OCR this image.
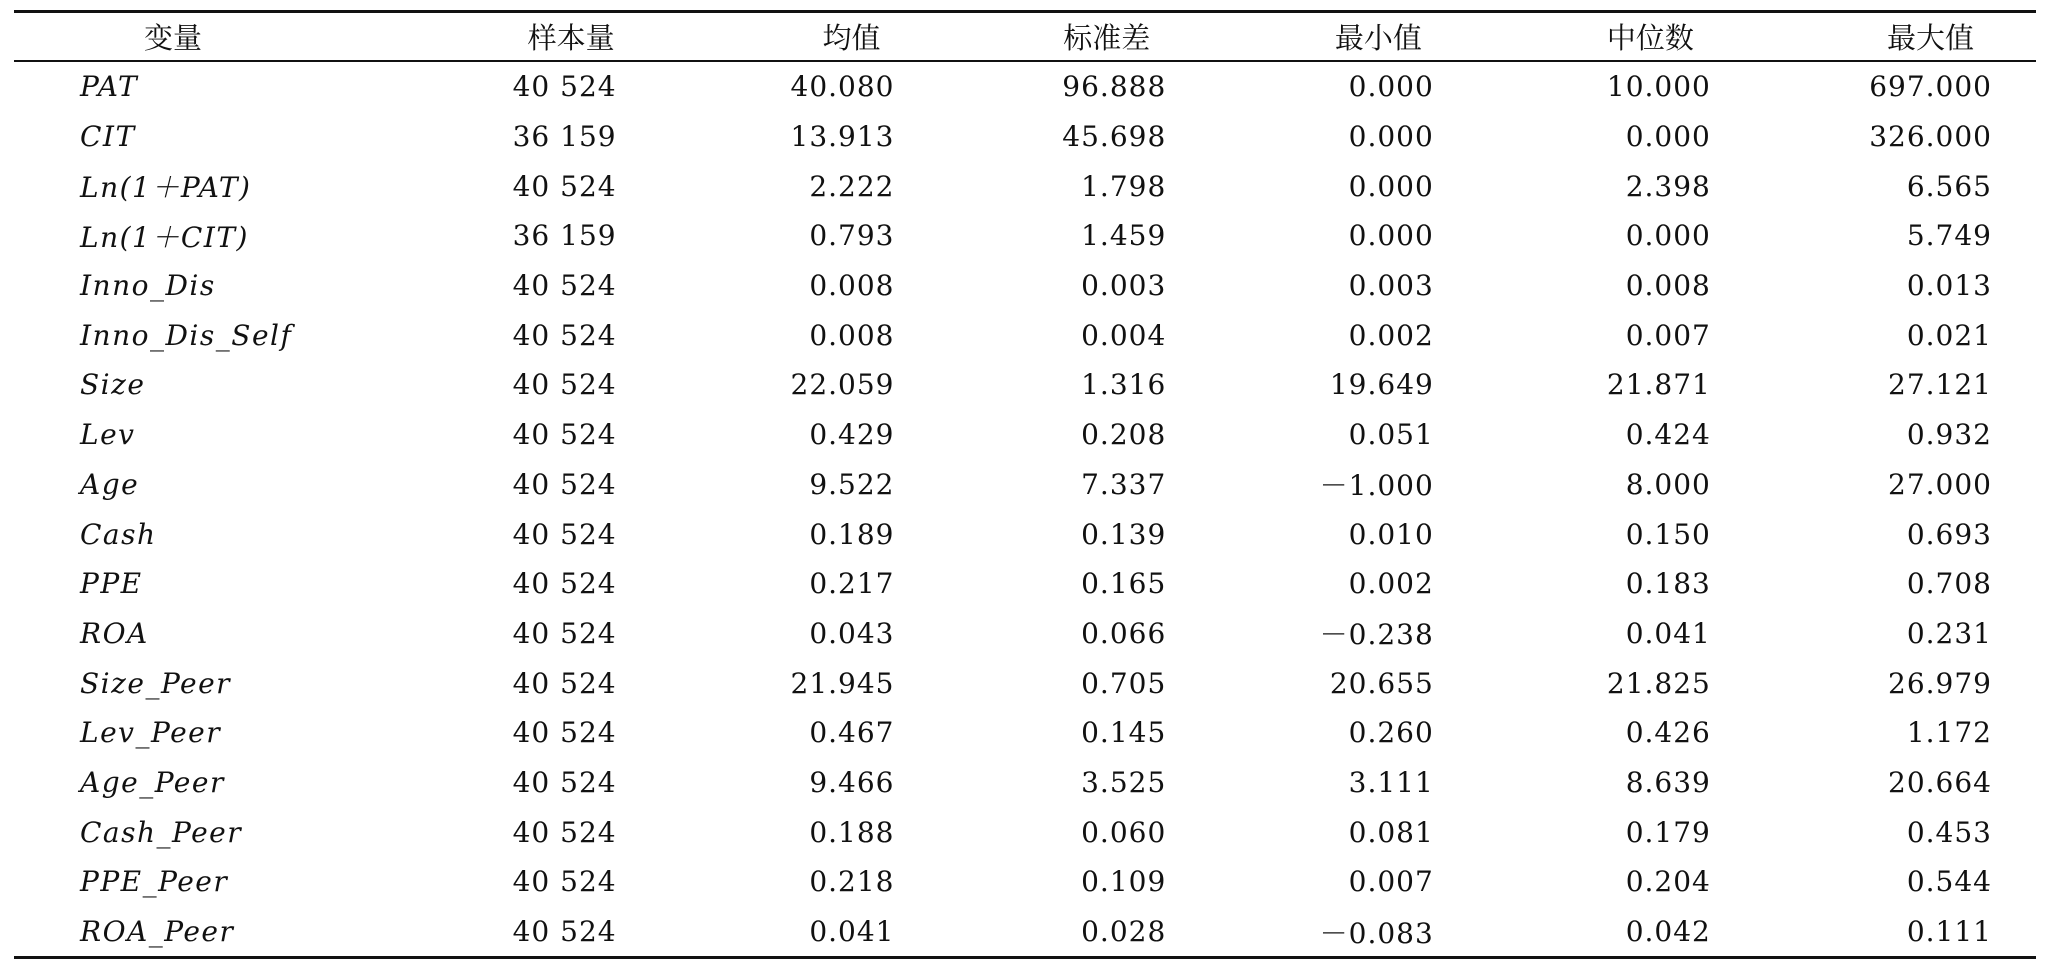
变量	样本量	均值	标准差	最小值	中位数	最大值
PAT	40 524	40.080	96.888	0.000	10.000	697.000
CIT	36 159	13.913	45.698	0.000	0.000	326.000
Ln(1＋PAT)	40 524	2.222	1.798	0.000	2.398	6.565
Ln(1＋CIT)	36 159	0.793	1.459	0.000	0.000	5.749
Inno_Dis	40 524	0.008	0.003	0.003	0.008	0.013
Inno_Dis_Self	40 524	0.008	0.004	0.002	0.007	0.021
Size	40 524	22.059	1.316	19.649	21.871	27.121
Lev	40 524	0.429	0.208	0.051	0.424	0.932
Age	40 524	9.522	7.337	－1.000	8.000	27.000
Cash	40 524	0.189	0.139	0.010	0.150	0.693
PPE	40 524	0.217	0.165	0.002	0.183	0.708
ROA	40 524	0.043	0.066	－0.238	0.041	0.231
Size_Peer	40 524	21.945	0.705	20.655	21.825	26.979
Lev_Peer	40 524	0.467	0.145	0.260	0.426	1.172
Age_Peer	40 524	9.466	3.525	3.111	8.639	20.664
Cash_Peer	40 524	0.188	0.060	0.081	0.179	0.453
PPE_Peer	40 524	0.218	0.109	0.007	0.204	0.544
ROA_Peer	40 524	0.041	0.028	－0.083	0.042	0.111
